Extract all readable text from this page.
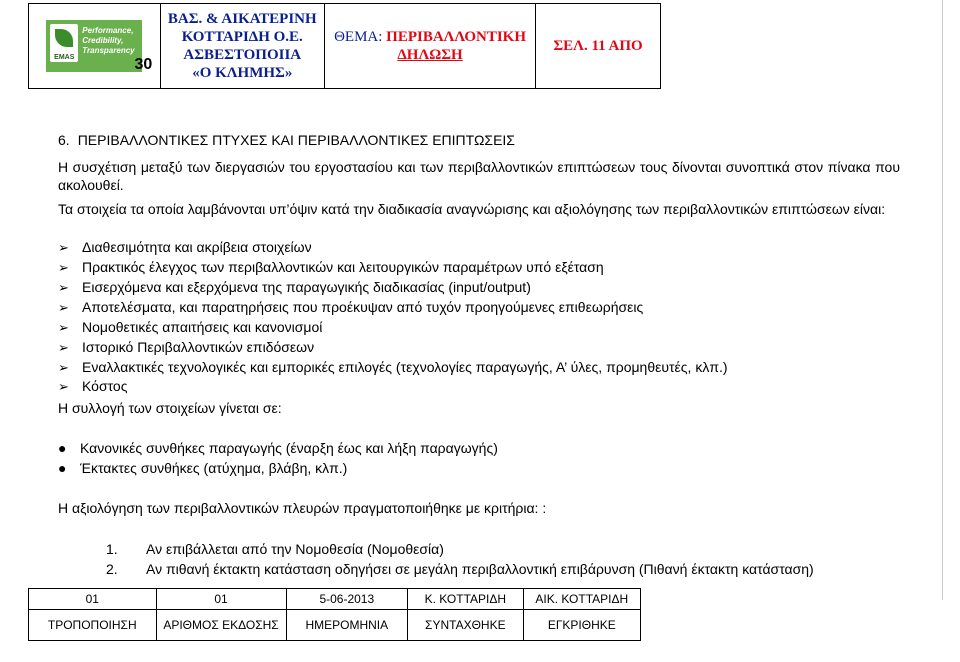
EMAS
Performance,
Credibility,
Transparency

ΒΑΣ. & ΑΙΚΑΤΕΡΙΝΗ
ΚΟΤΤΑΡΙΔΗ Ο.Ε.
ΑΣΒΕΣΤΟΠΟΙΙΑ
«Ο ΚΛΗΜΗΣ»

ΘΕΜΑ: ΠΕΡΙΒΑΛΛΟΝΤΙΚΗ
ΔΗΛΩΣΗ

ΣΕΛ. 11 ΑΠΟ
30
6. ΠΕΡΙΒΑΛΛΟΝΤΙΚΕΣ ΠΤΥΧΕΣ ΚΑΙ ΠΕΡΙΒΑΛΛΟΝΤΙΚΕΣ ΕΠΙΠΤΩΣΕΙΣ
Η συσχέτιση μεταξύ των διεργασιών του εργοστασίου και των περιβαλλοντικών επιπτώσεων τους δίνονται συνοπτικά στον πίνακα που
ακολουθεί.
Τα στοιχεία τα οποία λαμβάνονται υπ’όψιν κατά την διαδικασία αναγνώρισης και αξιολόγησης των περιβαλλοντικών επιπτώσεων είναι:
➢ Διαθεσιμότητα και ακρίβεια στοιχείων
➢ Πρακτικός έλεγχος των περιβαλλοντικών και λειτουργικών παραμέτρων υπό εξέταση
➢ Εισερχόμενα και εξερχόμενα της παραγωγικής διαδικασίας (input/output)
➢ Αποτελέσματα, και παρατηρήσεις που προέκυψαν από τυχόν προηγούμενες επιθεωρήσεις
➢ Νομοθετικές απαιτήσεις και κανονισμοί
➢ Ιστορικό Περιβαλλοντικών επιδόσεων
➢ Εναλλακτικές τεχνολογικές και εμπορικές επιλογές (τεχνολογίες παραγωγής, Α’ ύλες, προμηθευτές, κλπ.)
➢ Κόστος
Η συλλογή των στοιχείων γίνεται σε:
● Κανονικές συνθήκες παραγωγής (έναρξη έως και λήξη παραγωγής)
● Έκτακτες συνθήκες (ατύχημα, βλάβη, κλπ.)
Η αξιολόγηση των περιβαλλοντικών πλευρών πραγματοποιήθηκε με κριτήρια: :
1. Αν επιβάλλεται από την Νομοθεσία (Νομοθεσία)
2. Αν πιθανή έκτακτη κατάσταση οδηγήσει σε μεγάλη περιβαλλοντική επιβάρυνση (Πιθανή έκτακτη κατάσταση)
01	01	5-06-2013	Κ. ΚΟΤΤΑΡΙΔΗ	ΑΙΚ. ΚΟΤΤΑΡΙΔΗ
ΤΡΟΠΟΠΟΙΗΣΗ	ΑΡΙΘΜΟΣ ΕΚΔΟΣΗΣ	ΗΜΕΡΟΜΗΝΙΑ	ΣΥΝΤΑΧΘΗΚΕ	ΕΓΚΡΙΘΗΚΕ
